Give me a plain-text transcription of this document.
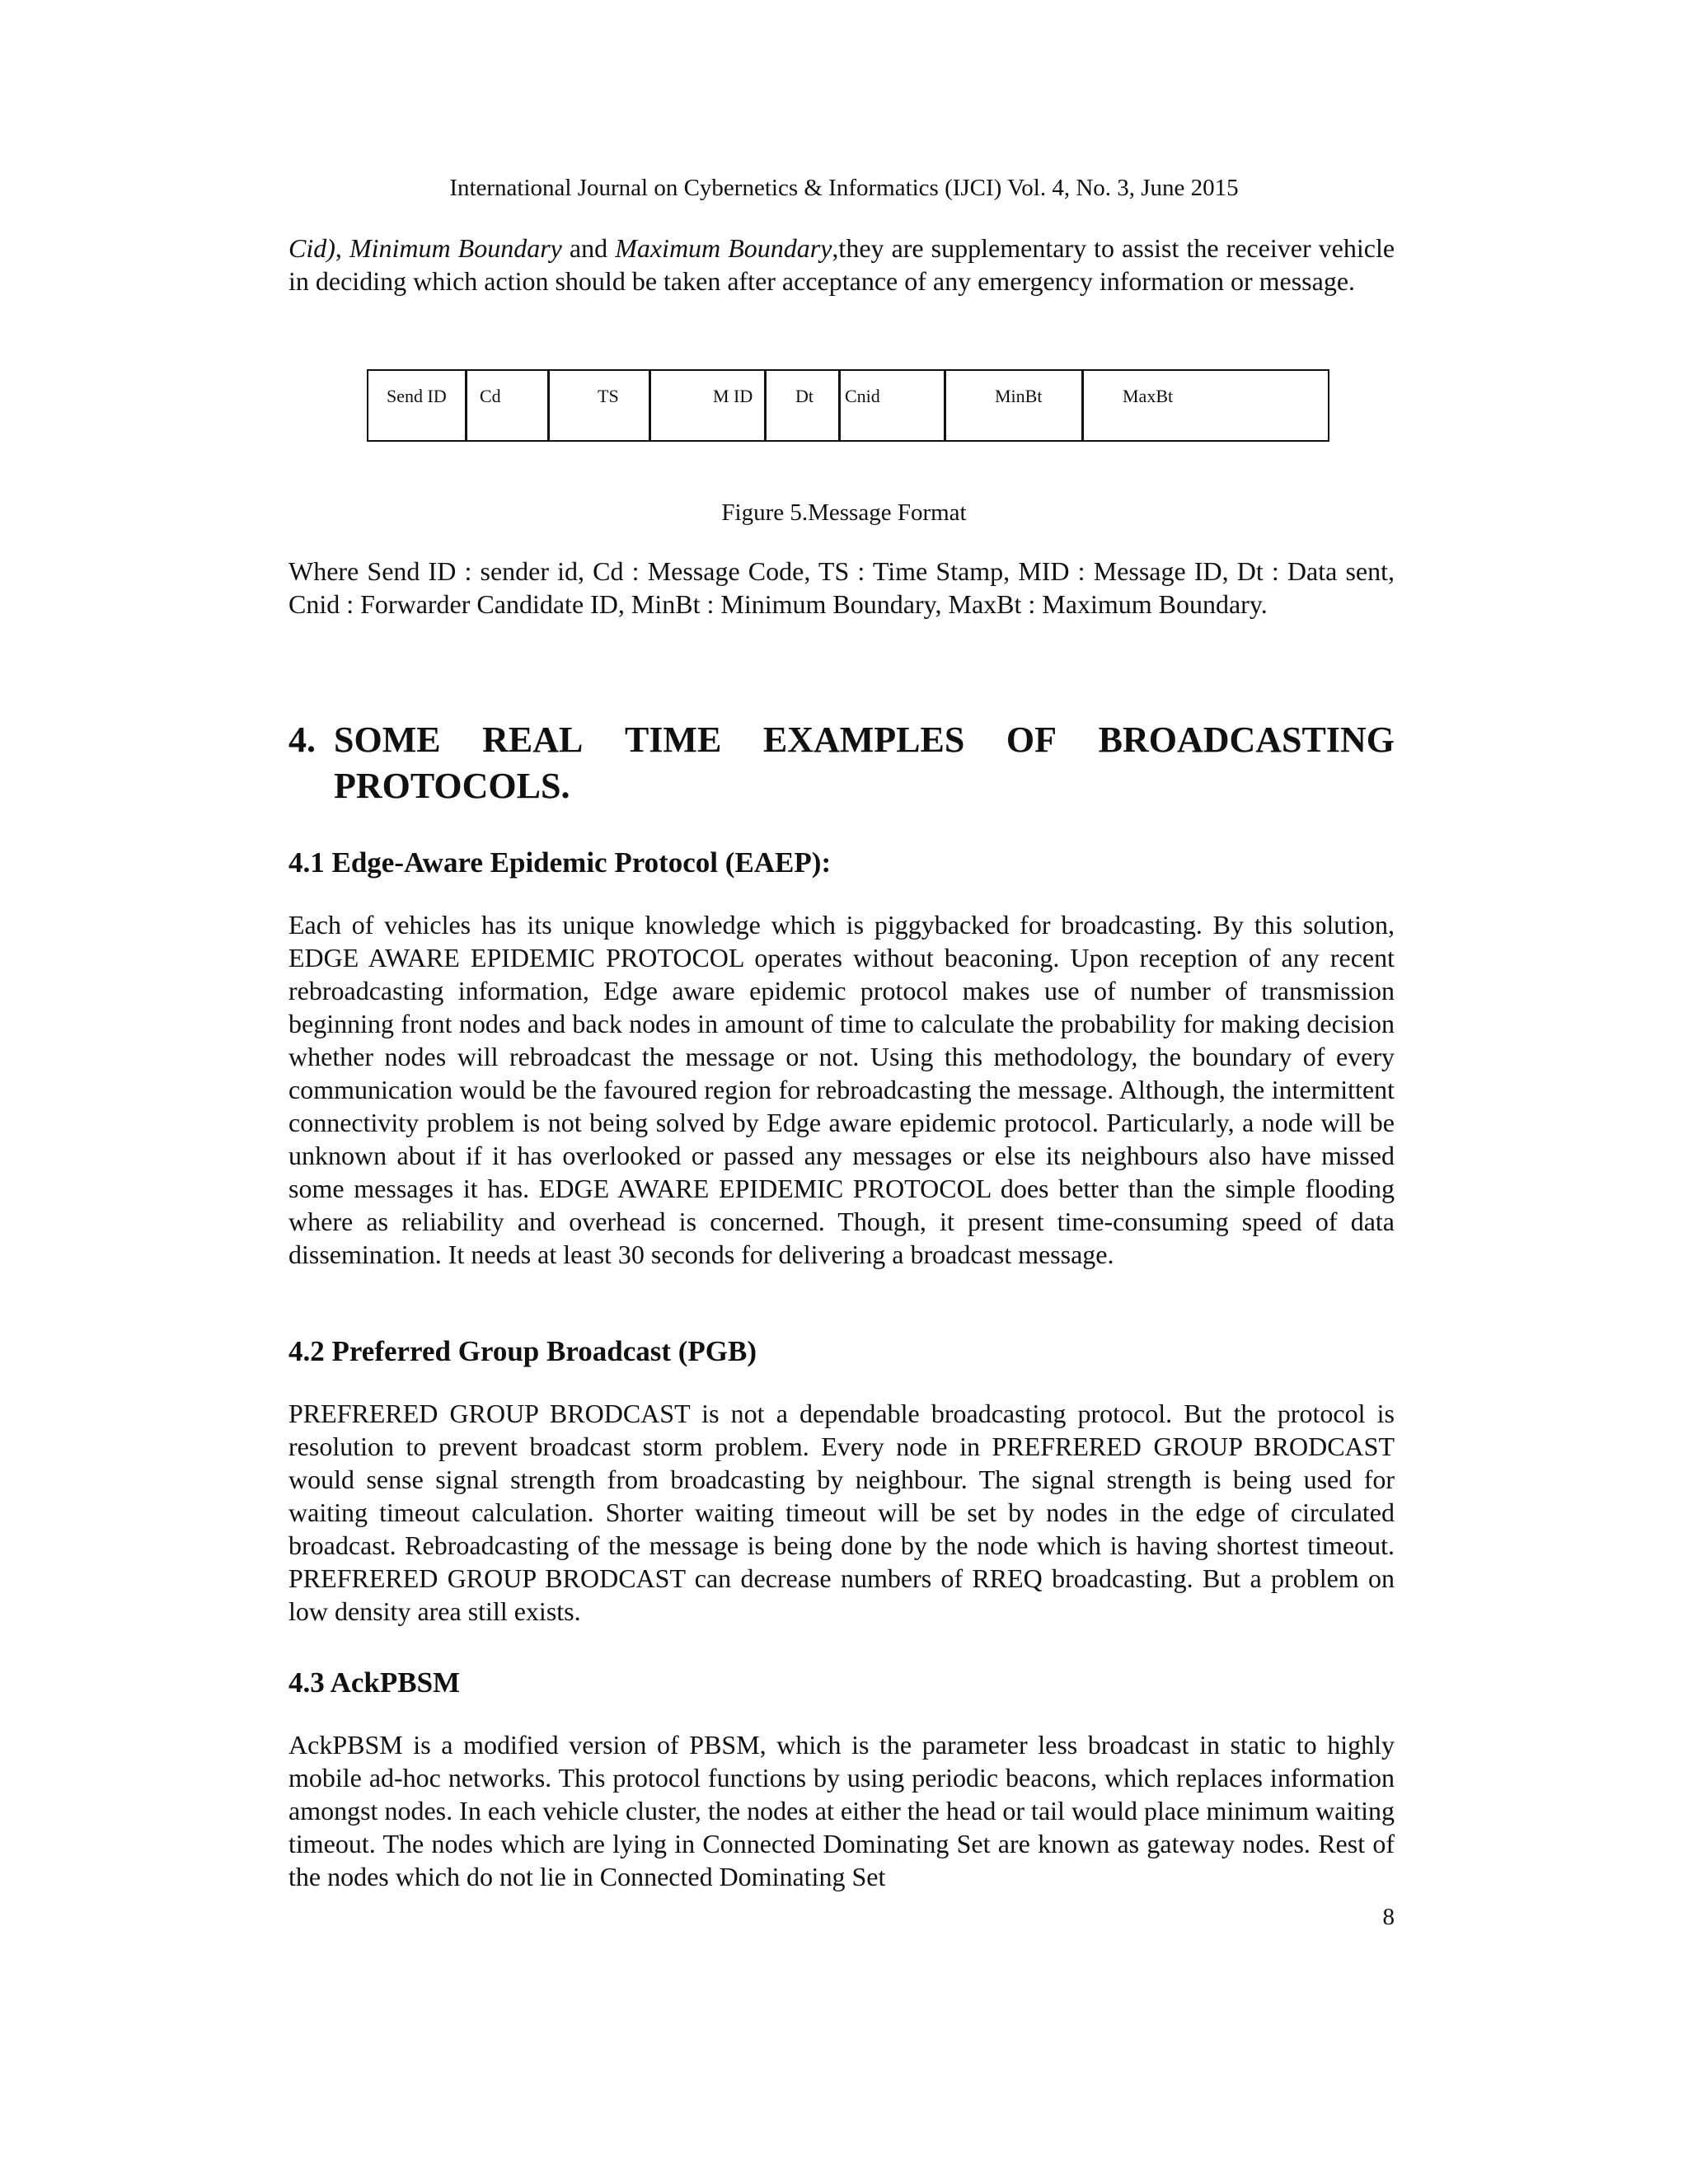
International Journal on Cybernetics & Informatics (IJCI) Vol. 4, No. 3, June 2015

Cid), Minimum Boundary and Maximum Boundary,they are supplementary to assist the receiver vehicle in deciding which action should be taken after acceptance of any emergency information or message.

Send ID Cd	TS	M ID Dt Cnid	MinBt	MaxBt
Figure 5.Message Format

Where Send ID : sender id, Cd : Message Code, TS : Time Stamp, MID : Message ID, Dt : Data sent, Cnid : Forwarder Candidate ID, MinBt : Minimum Boundary, MaxBt : Maximum Boundary.

4. SOME REAL TIME EXAMPLES OF BROADCASTING
PROTOCOLS.
4.1 Edge-Aware Epidemic Protocol (EAEP):

Each of vehicles has its unique knowledge which is piggybacked for broadcasting. By this solution, EDGE AWARE EPIDEMIC PROTOCOL operates without beaconing. Upon reception of any recent rebroadcasting information, Edge aware epidemic protocol makes use of number of transmission beginning front nodes and back nodes in amount of time to calculate the probability for making decision whether nodes will rebroadcast the message or not. Using this methodology, the boundary of every communication would be the favoured region for rebroadcasting the message. Although, the intermittent connectivity problem is not being solved by Edge aware epidemic protocol. Particularly, a node will be unknown about if it has overlooked or passed any messages or else its neighbours also have missed some messages it has. EDGE AWARE EPIDEMIC PROTOCOL does better than the simple flooding where as reliability and overhead is concerned. Though, it present time-consuming speed of data dissemination. It needs at least 30 seconds for delivering a broadcast message.

4.2 Preferred Group Broadcast (PGB)

PREFRERED GROUP BRODCAST is not a dependable broadcasting protocol. But the protocol is resolution to prevent broadcast storm problem. Every node in PREFRERED GROUP BRODCAST would sense signal strength from broadcasting by neighbour. The signal strength is being used for waiting timeout calculation. Shorter waiting timeout will be set by nodes in the edge of circulated broadcast. Rebroadcasting of the message is being done by the node which is having shortest timeout. PREFRERED GROUP BRODCAST can decrease numbers of RREQ broadcasting. But a problem on low density area still exists.

4.3 AckPBSM

AckPBSM is a modified version of PBSM, which is the parameter less broadcast in static to highly mobile ad-hoc networks. This protocol functions by using periodic beacons, which replaces information amongst nodes. In each vehicle cluster, the nodes at either the head or tail would place minimum waiting timeout. The nodes which are lying in Connected Dominating Set are known as gateway nodes. Rest of the nodes which do not lie in Connected Dominating Set

8
